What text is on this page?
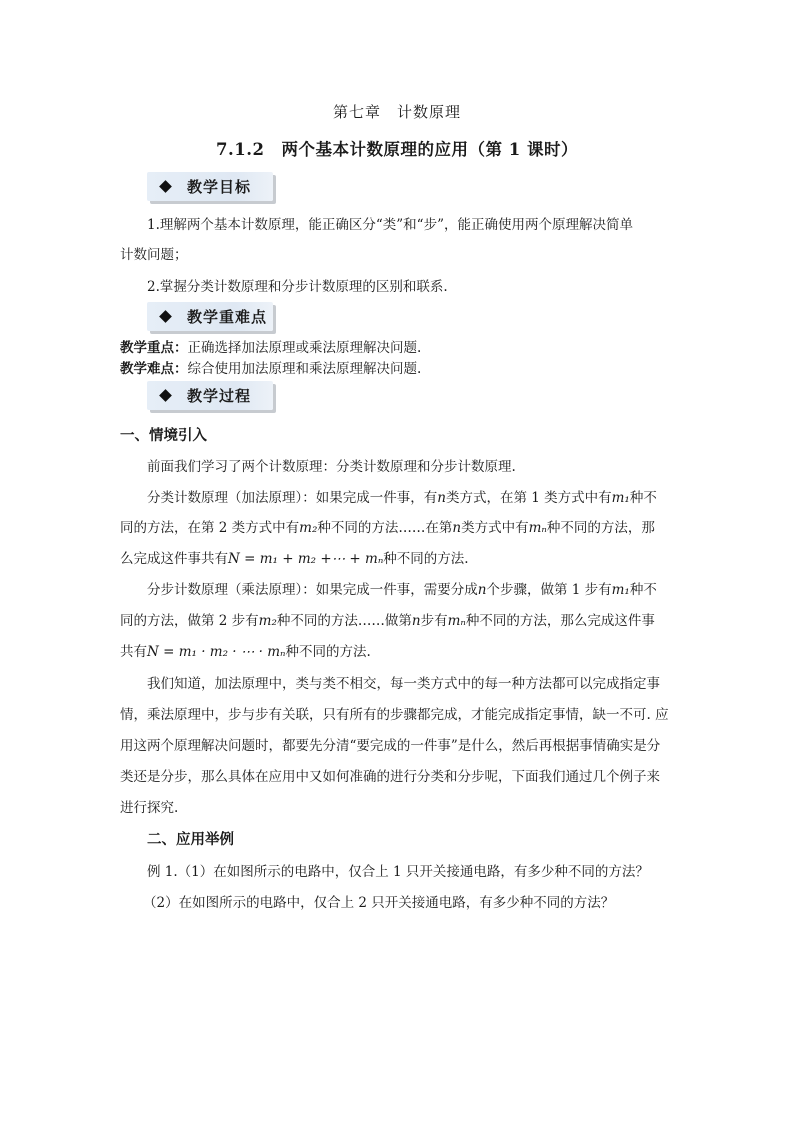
第七章　计数原理
7.1.2　两个基本计数原理的应用（第 1 课时）
教学目标
1.理解两个基本计数原理，能正确区分“类”和“步”，能正确使用两个原理解决简单
计数问题；
2.掌握分类计数原理和分步计数原理的区别和联系.
教学重难点
教学重点：正确选择加法原理或乘法原理解决问题.
教学难点：综合使用加法原理和乘法原理解决问题.
教学过程
一、情境引入
前面我们学习了两个计数原理：分类计数原理和分步计数原理.
分类计数原理（加法原理）：如果完成一件事，有n类方式，在第 1 类方式中有m₁种不
同的方法，在第 2 类方式中有m₂种不同的方法……在第n类方式中有mₙ种不同的方法，那
么完成这件事共有N = m₁ + m₂ +⋯ + mₙ种不同的方法.
分步计数原理（乘法原理）：如果完成一件事，需要分成n个步骤，做第 1 步有m₁种不
同的方法，做第 2 步有m₂种不同的方法……做第n步有mₙ种不同的方法，那么完成这件事
共有N = m₁ · m₂ · ⋯ · mₙ种不同的方法.
我们知道，加法原理中，类与类不相交，每一类方式中的每一种方法都可以完成指定事
情，乘法原理中，步与步有关联，只有所有的步骤都完成，才能完成指定事情，缺一不可. 应
用这两个原理解决问题时，都要先分清“要完成的一件事”是什么，然后再根据事情确实是分
类还是分步，那么具体在应用中又如何准确的进行分类和分步呢，下面我们通过几个例子来
进行探究.
二、应用举例
例 1.（1）在如图所示的电路中，仅合上 1 只开关接通电路，有多少种不同的方法？
（2）在如图所示的电路中，仅合上 2 只开关接通电路，有多少种不同的方法？
